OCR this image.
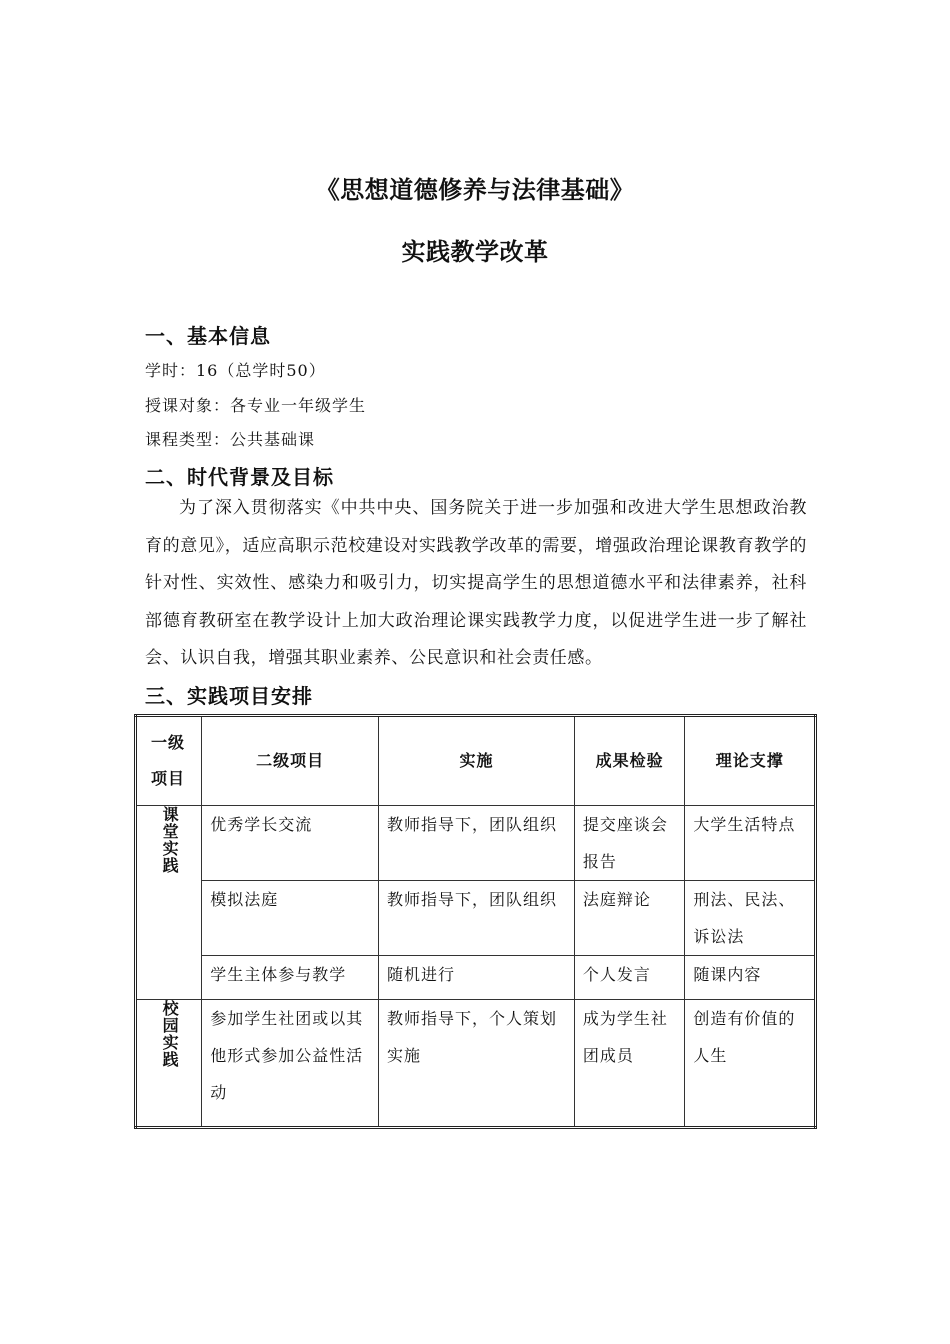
《思想道德修养与法律基础》
实践教学改革
一、基本信息
学时：16（总学时50）
授课对象：各专业一年级学生
课程类型：公共基础课
二、时代背景及目标

为了深入贯彻落实《中共中央、国务院关于进一步加强和改进大学生思想政治教育的意见》，适应高职示范校建设对实践教学改革的需要，增强政治理论课教育教学的针对性、实效性、感染力和吸引力，切实提高学生的思想道德水平和法律素养，社科部德育教研室在教学设计上加大政治理论课实践教学力度，以促进学生进一步了解社会、认识自我，增强其职业素养、公民意识和社会责任感。

三、实践项目安排
一级项目	二级项目	实施	成果检验	理论支撑
课堂实践	优秀学长交流	教师指导下，团队组织	提交座谈会报告	大学生活特点
	模拟法庭	教师指导下，团队组织	法庭辩论	刑法、民法、诉讼法
	学生主体参与教学	随机进行	个人发言	随课内容
校园实践	参加学生社团或以其他形式参加公益性活动	教师指导下，个人策划实施	成为学生社团成员	创造有价值的人生
